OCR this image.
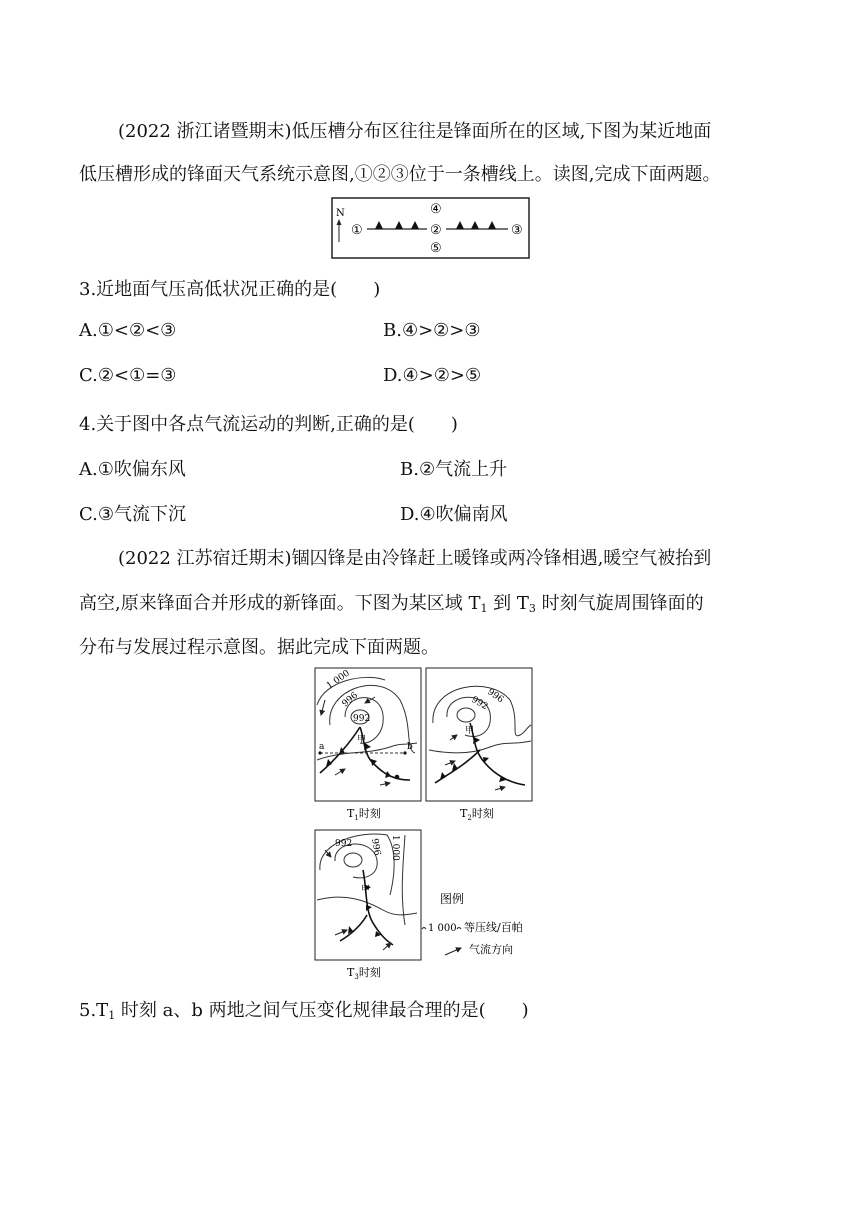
(2022 浙江诸暨期末)低压槽分布区往往是锋面所在的区域,下图为某近地面
低压槽形成的锋面天气系统示意图,①②③位于一条槽线上。读图,完成下面两题。
N
①	②	③
④
⑤
3.近地面气压高低状况正确的是(　　)
A.①<②<③	B.④>②>③
C.②<①=③	D.④>②>⑤
4.关于图中各点气流运动的判断,正确的是(　　)
A.①吹偏东风	B.②气流上升
C.③气流下沉	D.④吹偏南风
(2022 江苏宿迁期末)锢囚锋是由冷锋赶上暖锋或两冷锋相遇,暖空气被抬到
高空,原来锋面合并形成的新锋面。下图为某区域 $T_1$ 到 $T_3$ 时刻气旋周围锋面的
分布与发展过程示意图。据此完成下面两题。
a	b
1 000
996
992
甲
$T_1$时刻
996
992
甲
$T_2$时刻
992 996 1 000
甲
$T_3$时刻
图例
1 000 等压线/百帕
气流方向
$5.T_1$ 时刻 a、b 两地之间气压变化规律最合理的是(　　)
